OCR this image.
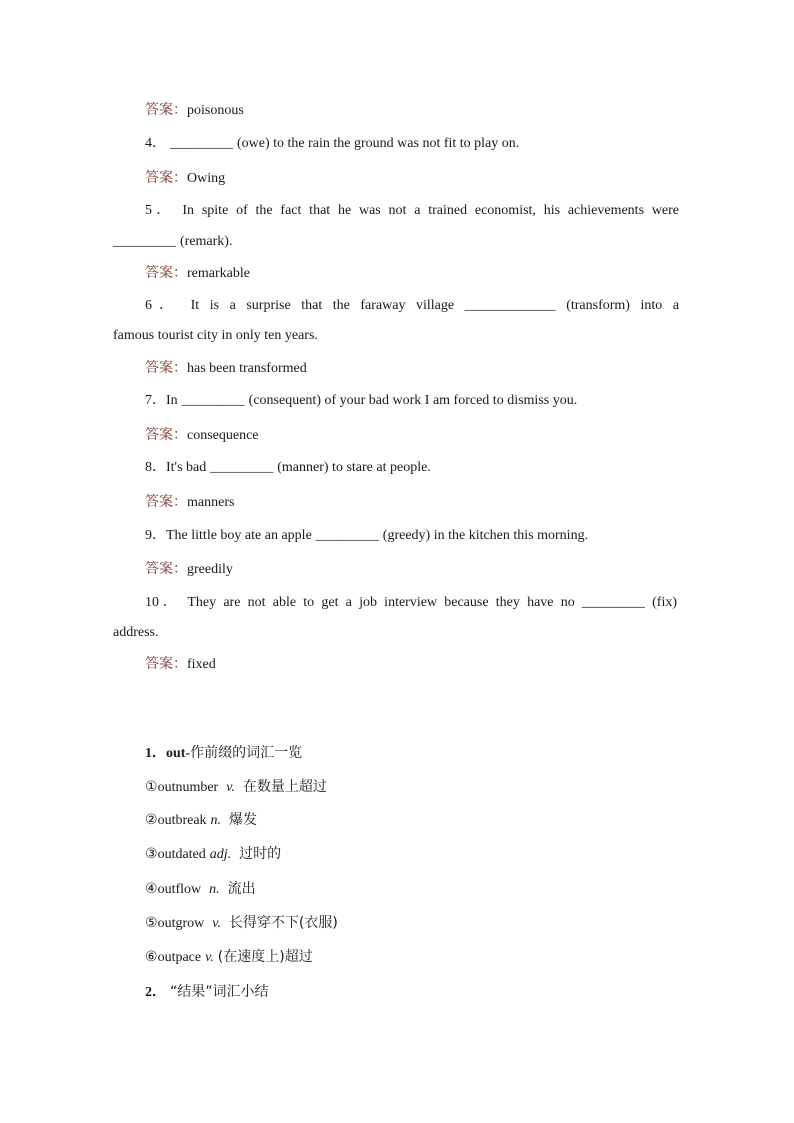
答案：poisonous
4． _________ (owe) to the rain the ground was not fit to play on.
答案：Owing
5． In spite of the fact that he was not a trained economist, his achievements were
_________ (remark).
答案：remarkable
6． It is a surprise that the faraway village _____________ (transform) into a
famous tourist city in only ten years.
答案：has been transformed
7．In _________ (consequent) of your bad work I am forced to dismiss you.
答案：consequence
8．It's bad _________ (manner) to stare at people.
答案：manners
9．The little boy ate an apple _________ (greedy) in the kitchen this morning.
答案：greedily
10． They are not able to get a job interview because they have no _________ (fix)
address.
答案：fixed
1．out-作前缀的词汇一览
①outnumber v. 在数量上超过
②outbreak n. 爆发
③outdated adj. 过时的
④outflow n. 流出
⑤outgrow v. 长得穿不下(衣服)
⑥outpace v. (在速度上)超过
2． “结果”词汇小结
